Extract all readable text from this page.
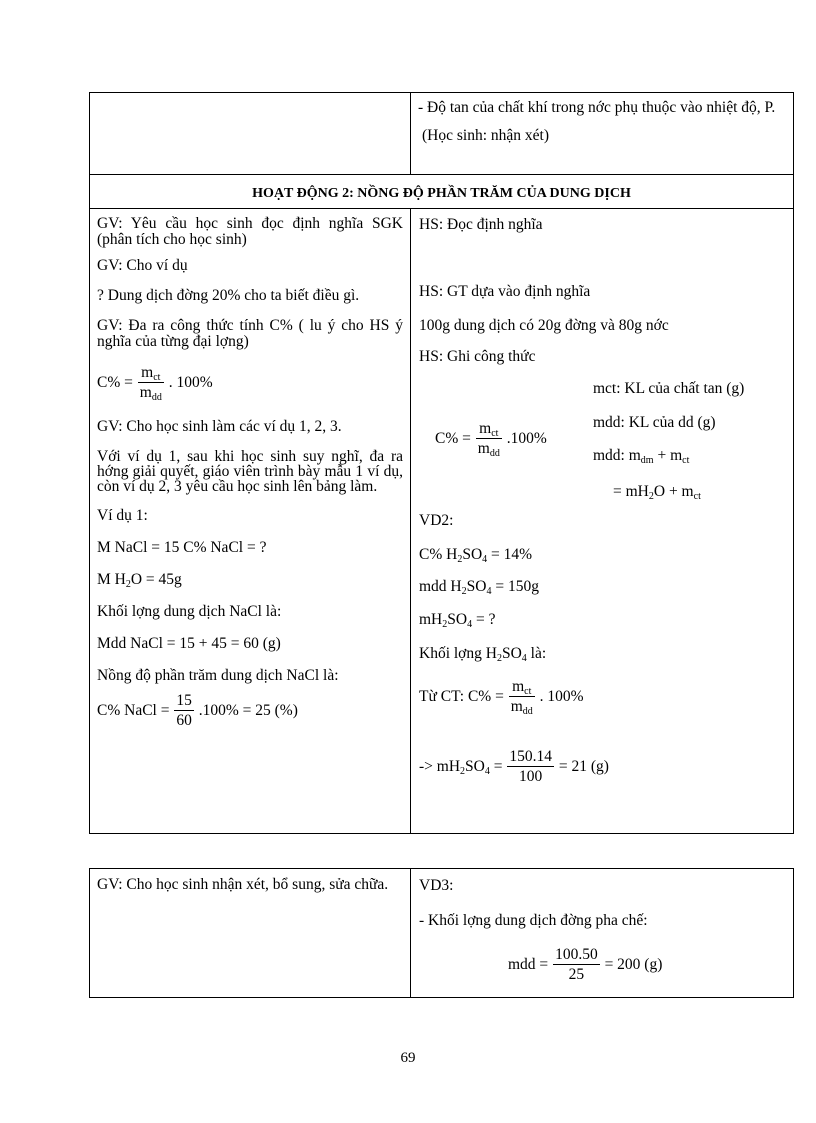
- Độ tan của chất khí trong nớc phụ thuộc vào nhiệt độ, P.

(Học sinh: nhận xét)

HOẠT ĐỘNG 2: NỒNG ĐỘ PHẦN TRĂM CỦA DUNG DỊCH

GV: Yêu cầu học sinh đọc định nghĩa SGK (phân tích cho học sinh)

GV: Cho ví dụ

? Dung dịch đờng 20% cho ta biết điều gì.

GV: Đa ra công thức tính C% ( lu ý cho HS ý nghĩa của từng đại lợng)

$C\% = \frac{m_{ct}}{m_{dd}}$ . 100%

GV: Cho học sinh làm các ví dụ 1, 2, 3.

Với ví dụ 1, sau khi học sinh suy nghĩ, đa ra hớng giải quyết, giáo viên trình bày mẫu 1 ví dụ, còn ví dụ 2, 3 yêu cầu học sinh lên bảng làm.

Ví dụ 1:

M NaCl = 15 C% NaCl = ?

M $H_2O = 45g$

Khối lợng dung dịch NaCl là:

Mdd NaCl = 15 + 45 = 60 (g)

Nồng độ phần trăm dung dịch NaCl là:

C% NaCl = $\frac{15}{60} .100\% = 25$ (%)
HS: Đọc định nghĩa
HS: GT dựa vào định nghĩa
100g dung dịch có 20g đờng và 80g nớc
HS: Ghi công thức
mct: KL của chất tan (g)
mdd: KL của dd (g)
mdd: $m_{dm} + m_{ct}$
= $mH_2O + m_{ct}$
$C\% = \frac{m_{ct}}{m_{dd}} .100\%$
VD2:
C% $H_2SO_4 = 14\%$
mdd $H_2SO_4 = 150g$
$mH_2SO_4$ = ?
Khối lợng $H_2SO_4$ là:
Từ CT: $C\% = \frac{m_{ct}}{m_{dd}}$ . 100%
-> $mH_2SO_4 = \frac{150.14}{100} = 21$ (g)

GV: Cho học sinh nhận xét, bổ sung, sửa chữa.	VD3:
- Khối lợng dung dịch đờng pha chế:
mdd = $\frac{100.50}{25} = 200$ (g)
69
